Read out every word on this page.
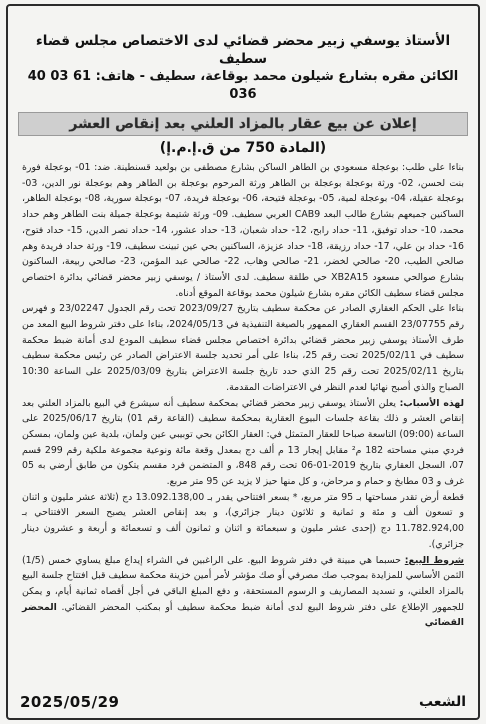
الأستاذ يوسفي زبير محضر قضائي لدى الاختصاص مجلس قضاء سطيف

الكائن مقره بشارع شيلون محمد بوقاعة، سطيف - هاتف: 61 03 40 036

إعلان عن بيع عقار بالمزاد العلني بعد إنقاص العشر
(المادة 750 من ق.إ.م.إ)

بناءا على طلب: بوعجلة مسعودي بن الطاهر الساكن بشارع مصطفى بن بولعيد قسنطينة. ضد: 01- بوعجلة فورة بنت لحسن، 02- ورثة بوعجلة بوعجلة بن الطاهر ورثة المرحوم بوعجلة بن الطاهر وهم بوعجلة نور الدين، 03- بوعجلة عقيلة، 04- بوعجلة لمية، 05- بوعجلة فتيحة، 06- بوعجلة فريدة، 07- بوعجلة سورية، 08- بوعجلة الطاهر، الساكنين جميعهم بشارع طالب البعد CAB9 العربي سطيف. 09- ورثة شتيمة بوعجلة جميلة بنت الطاهر وهم حداد محمد، 10- حداد توفيق، 11- حداد رابح، 12- حداد شعبان، 13- حداد عشور، 14- حداد نصر الدين، 15- حداد فتوح، 16- حداد بن علي، 17- حداد رزيقة، 18- حداد عزيزة، الساكنين بحي عين تبينت سطيف، 19- ورثة حداد فريدة وهم صالحي الطيب، 20- صالحي لخضر، 21- صالحي وهاب، 22- صالحي عبد المؤمن، 23- صالحي ربيعة، الساكنون بشارع صوالحي مسعود XB2A15 حي طلقة سطيف. لدى الأستاذ / يوسفي زبير محضر قضائي بدائرة اختصاص مجلس قضاء سطيف الكائن مقره بشارع شيلون محمد بوقاعة الموقع أدناه.

بناءا على الحكم العقاري الصادر عن محكمة سطيف بتاريخ 2023/09/27 تحت رقم الجدول 23/02247 و فهرس رقم 23/07755 القسم العقاري الممهور بالصيغة التنفيذية في 2024/05/13، بناءا على دفتر شروط البيع المعد من طرف الأستاذ يوسفي زبير محضر قضائي بدائرة اختصاص مجلس قضاء سطيف المودع لدى أمانة ضبط محكمة سطيف في 2025/02/11 تحت رقم 25، بناءا على أمر تحديد جلسة الاعتراض الصادر عن رئيس محكمة سطيف بتاريخ 2025/02/11 تحت رقم 25 الذي حدد تاريخ جلسة الاعتراض بتاريخ 2025/03/09 على الساعة 10:30 الصباح والذي أصبح نهائيا لعدم النظر في الاعتراضات المقدمة.

لهذه الأسباب: يعلن الأستاذ يوسفي زبير محضر قضائي بمحكمة سطيف أنه سيشرع في البيع بالمزاد العلني بعد إنقاص العشر و ذلك بقاعة جلسات البيوع العقارية بمحكمة سطيف (القاعة رقم 01) بتاريخ 2025/06/17 على الساعة (09:00) التاسعة صباحا للعقار المتمثل في: العقار الكائن بحي توبيبي عين ولمان، بلدية عين ولمان، بمسكن فردي مبني مساحته 182 م² مقابل إيجار 13 م ألف دج بمعدل وقعة مائة ونوعية مجموعة ملكية رقم 299 قسم 07، السجل العقاري بتاريخ 2019-01-06 تحت رقم 848، و المتضمن فرد مقسم يتكون من طابق أرضي به 05 غرف و 03 مطابخ و حمام و مرحاض، و كل منها حيز لا يزيد عن 95 متر مربع.

قطعة أرض تقدر مساحتها بـ 95 متر مربع، * بسعر افتتاحي يقدر بـ 13.092.138,00 دج (ثلاثة عشر مليون و اثنان و تسعون ألف و مئة و ثمانية و ثلاثون دينار جزائري)، و بعد إنقاص العشر يصبح السعر الافتتاحي بـ 11.782.924,00 دج (إحدى عشر مليون و سبعمائة و اثنان و ثمانون ألف و تسعمائة و أربعة و عشرون دينار جزائري).

شروط البيع: حسبما هي مبينة في دفتر شروط البيع. على الراغبين في الشراء إيداع مبلغ يساوي خمس (1/5) الثمن الأساسي للمزايدة بموجب صك مصرفي أو صك مؤشر لأمر أمين خزينة محكمة سطيف قبل افتتاح جلسة البيع بالمزاد العلني، و تسديد المصاريف و الرسوم المستحقة، و دفع المبلغ الباقي في أجل أقصاه ثمانية أيام، و يمكن للجمهور الإطلاع على دفتر شروط البيع لدى أمانة ضبط محكمة سطيف أو بمكتب المحضر القضائي. المحضر القضائي

2025/05/29	الشعب
